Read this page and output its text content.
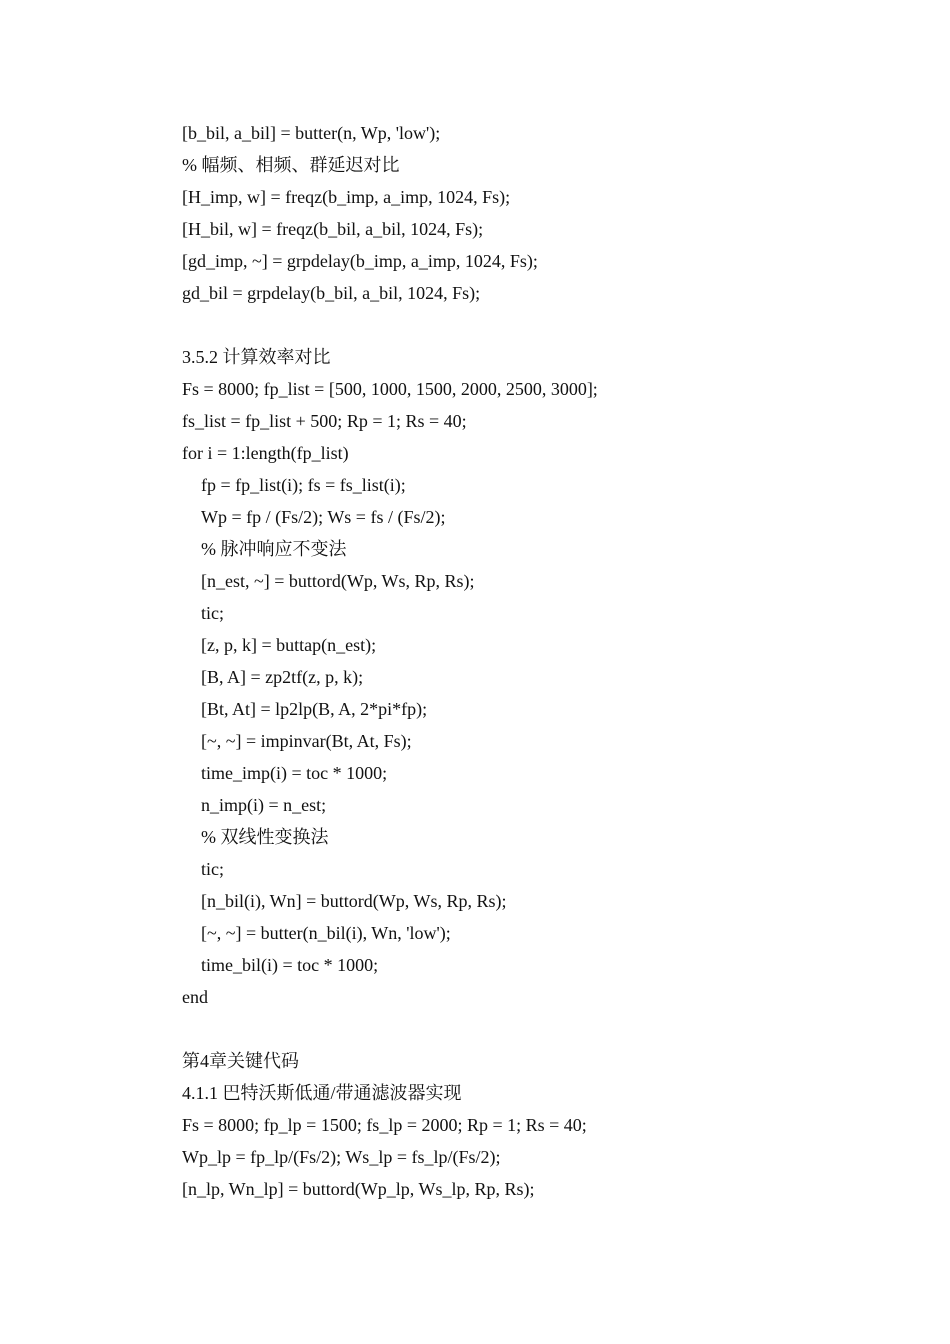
[b_bil, a_bil] = butter(n, Wp, 'low');
% 幅频、相频、群延迟对比
[H_imp, w] = freqz(b_imp, a_imp, 1024, Fs);
[H_bil, w] = freqz(b_bil, a_bil, 1024, Fs);
[gd_imp, ~] = grpdelay(b_imp, a_imp, 1024, Fs);
gd_bil = grpdelay(b_bil, a_bil, 1024, Fs);
3.5.2 计算效率对比
Fs = 8000; fp_list = [500, 1000, 1500, 2000, 2500, 3000];
fs_list = fp_list + 500; Rp = 1; Rs = 40;
for i = 1:length(fp_list)
fp = fp_list(i); fs = fs_list(i);
Wp = fp / (Fs/2); Ws = fs / (Fs/2);
% 脉冲响应不变法
[n_est, ~] = buttord(Wp, Ws, Rp, Rs);
tic;
[z, p, k] = buttap(n_est);
[B, A] = zp2tf(z, p, k);
[Bt, At] = lp2lp(B, A, 2*pi*fp);
[~, ~] = impinvar(Bt, At, Fs);
time_imp(i) = toc * 1000;
n_imp(i) = n_est;
% 双线性变换法
tic;
[n_bil(i), Wn] = buttord(Wp, Ws, Rp, Rs);
[~, ~] = butter(n_bil(i), Wn, 'low');
time_bil(i) = toc * 1000;
end
第4章关键代码
4.1.1 巴特沃斯低通/带通滤波器实现
Fs = 8000; fp_lp = 1500; fs_lp = 2000; Rp = 1; Rs = 40;
Wp_lp = fp_lp/(Fs/2); Ws_lp = fs_lp/(Fs/2);
[n_lp, Wn_lp] = buttord(Wp_lp, Ws_lp, Rp, Rs);
